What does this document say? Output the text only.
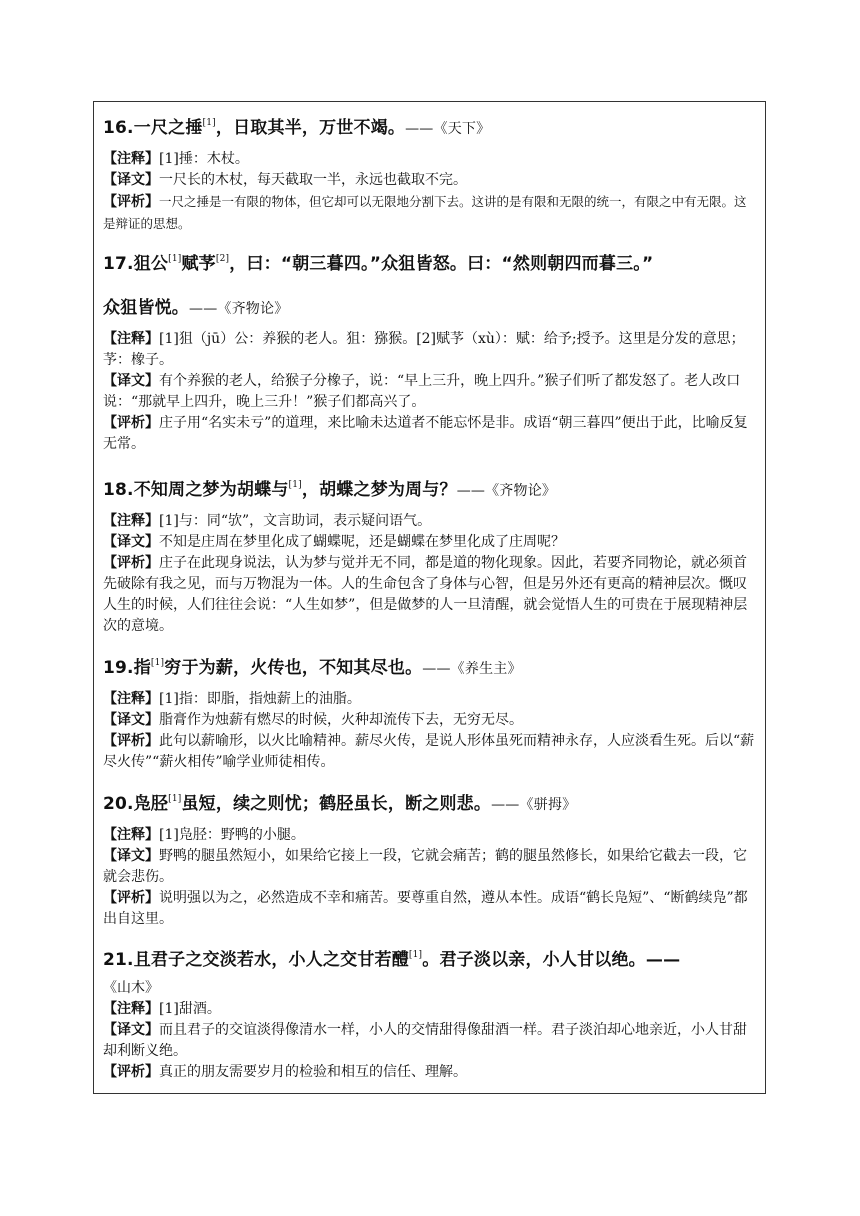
16.一尺之捶[1]，日取其半，万世不竭。——《天下》
【注释】[1]捶：木杖。
【译文】一尺长的木杖，每天截取一半，永远也截取不完。
【评析】一尺之捶是一有限的物体，但它却可以无限地分割下去。这讲的是有限和无限的统一，有限之中有无限。这是辩证的思想。
17.狙公[1]赋芧[2]，曰：“朝三暮四。”众狙皆怒。曰：“然则朝四而暮三。”
众狙皆悦。——《齐物论》
【注释】[1]狙（jū）公：养猴的老人。狙：猕猴。[2]赋芧（xù）：赋：给予;授予。这里是分发的意思；芧：橡子。
【译文】有个养猴的老人，给猴子分橡子，说：“早上三升，晚上四升。”猴子们听了都发怒了。老人改口说：“那就早上四升，晚上三升！”猴子们都高兴了。
【评析】庄子用“名实未亏”的道理，来比喻未达道者不能忘怀是非。成语“朝三暮四”便出于此，比喻反复无常。
18.不知周之梦为胡蝶与[1]，胡蝶之梦为周与？——《齐物论》
【注释】[1]与：同“欤”，文言助词，表示疑问语气。
【译文】不知是庄周在梦里化成了蝴蝶呢，还是蝴蝶在梦里化成了庄周呢？
【评析】庄子在此现身说法，认为梦与觉并无不同，都是道的物化现象。因此，若要齐同物论，就必须首先破除有我之见，而与万物混为一体。人的生命包含了身体与心智，但是另外还有更高的精神层次。慨叹人生的时候，人们往往会说：“人生如梦”，但是做梦的人一旦清醒，就会觉悟人生的可贵在于展现精神层次的意境。
19.指[1]穷于为薪，火传也，不知其尽也。——《养生主》
【注释】[1]指：即脂，指烛薪上的油脂。
【译文】脂膏作为烛薪有燃尽的时候，火种却流传下去，无穷无尽。
【评析】此句以薪喻形，以火比喻精神。薪尽火传，是说人形体虽死而精神永存，人应淡看生死。后以“薪尽火传”“薪火相传”喻学业师徒相传。
20.凫胫[1]虽短，续之则忧；鹤胫虽长，断之则悲。——《骈拇》
【注释】[1]凫胫：野鸭的小腿。
【译文】野鸭的腿虽然短小，如果给它接上一段，它就会痛苦；鹤的腿虽然修长，如果给它截去一段，它就会悲伤。
【评析】说明强以为之，必然造成不幸和痛苦。要尊重自然，遵从本性。成语“鹤长凫短”、“断鹤续凫”都出自这里。
21.且君子之交淡若水，小人之交甘若醴[1]。君子淡以亲，小人甘以绝。——
《山木》
【注释】[1]甜酒。
【译文】而且君子的交谊淡得像清水一样，小人的交情甜得像甜酒一样。君子淡泊却心地亲近，小人甘甜却利断义绝。
【评析】真正的朋友需要岁月的检验和相互的信任、理解。
